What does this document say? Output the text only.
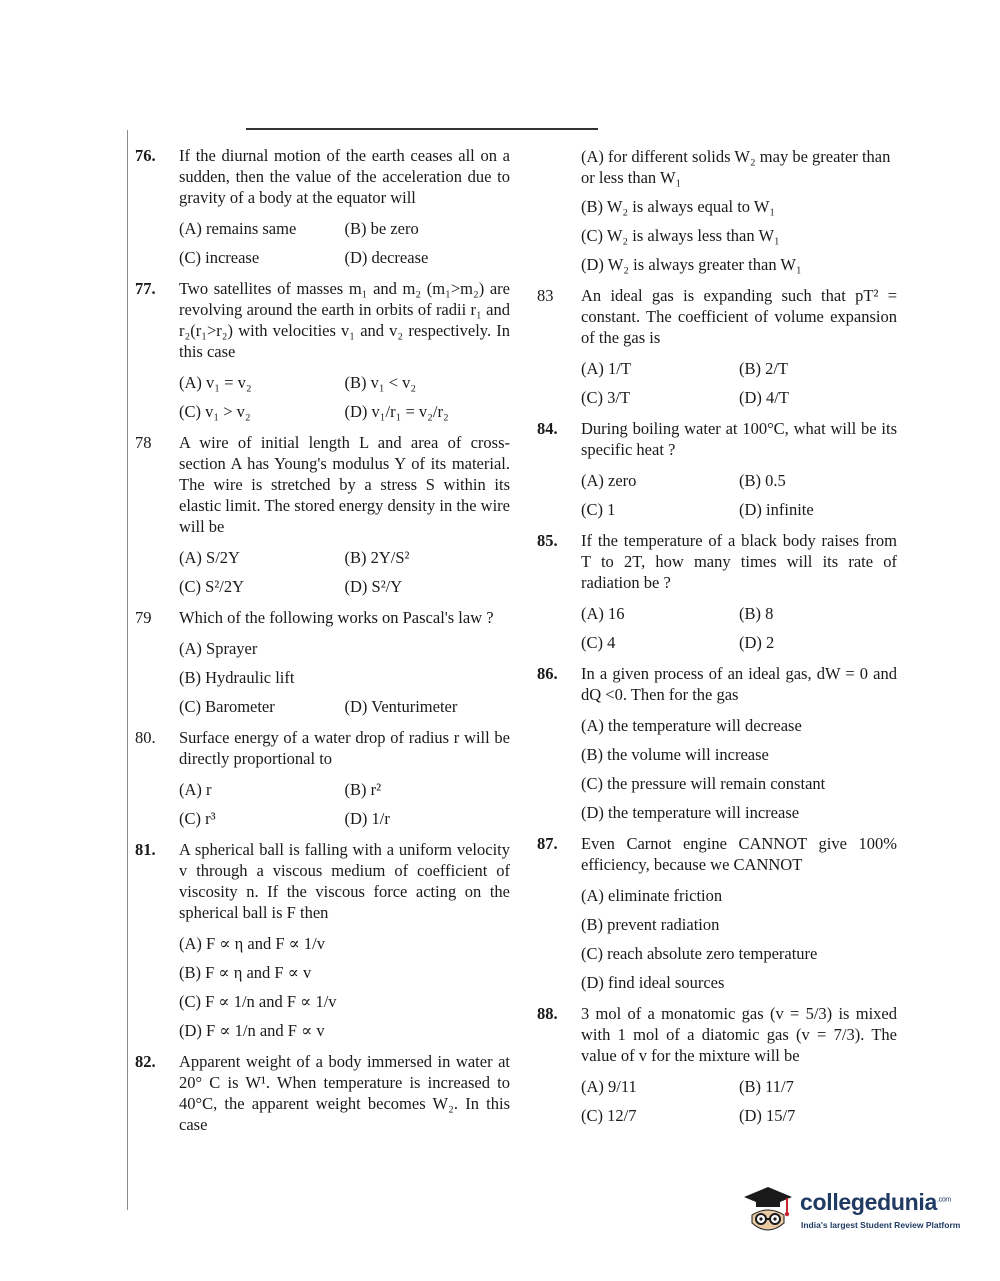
76. If the diurnal motion of the earth ceases all on a sudden, then the value of the acceleration due to gravity of a body at the equator will
(A) remains same	(B) be zero
(C) increase	(D) decrease
77. Two satellites of masses m₁ and m₂ (m₁>m₂) are revolving around the earth in orbits of radii r₁ and r₂(r₁>r₂) with velocities v₁ and v₂ respectively. In this case
(A) v₁ = v₂	(B) v₁ < v₂
(C) v₁ > v₂	(D) v₁/r₁ = v₂/r₂
78 A wire of initial length L and area of cross-section A has Young's modulus Y of its material. The wire is stretched by a stress S within its elastic limit. The stored energy density in the wire will be
(A) S/2Y	(B) 2Y/S²
(C) S²/2Y	(D) S²/Y
79 Which of the following works on Pascal's law ?
(A) Sprayer
(B) Hydraulic lift
(C) Barometer	(D) Venturimeter
80. Surface energy of a water drop of radius r will be directly proportional to
(A) r	(B) r²
(C) r³	(D) 1/r
81. A spherical ball is falling with a uniform velocity v through a viscous medium of coefficient of viscosity n. If the viscous force acting on the spherical ball is F then
(A) F ∝ η and F ∝ 1/v
(B) F ∝ η and F ∝ v
(C) F ∝ 1/n and F ∝ 1/v
(D) F ∝ 1/n and F ∝ v
82. Apparent weight of a body immersed in water at 20° C is W¹. When temperature is increased to 40°C, the apparent weight becomes W₂. In this case
(A) for different solids W₂ may be greater than or less than W₁
(B) W₂ is always equal to W₁
(C) W₂ is always less than W₁
(D) W₂ is always greater than W₁
83 An ideal gas is expanding such that pT² = constant. The coefficient of volume expansion of the gas is
(A) 1/T	(B) 2/T
(C) 3/T	(D) 4/T
84. During boiling water at 100°C, what will be its specific heat ?
(A) zero	(B) 0.5
(C) 1	(D) infinite
85. If the temperature of a black body raises from T to 2T, how many times will its rate of radiation be ?
(A) 16	(B) 8
(C) 4	(D) 2
86. In a given process of an ideal gas, dW = 0 and dQ <0. Then for the gas
(A) the temperature will decrease
(B) the volume will increase
(C) the pressure will remain constant
(D) the temperature will increase
87. Even Carnot engine CANNOT give 100% efficiency, because we CANNOT
(A) eliminate friction
(B) prevent radiation
(C) reach absolute zero temperature
(D) find ideal sources
88. 3 mol of a monatomic gas (v = 5/3) is mixed with 1 mol of a diatomic gas (v = 7/3). The value of v for the mixture will be
(A) 9/11	(B) 11/7
(C) 12/7	(D) 15/7
collegedunia$^{.com}$
India's largest Student Review Platform
